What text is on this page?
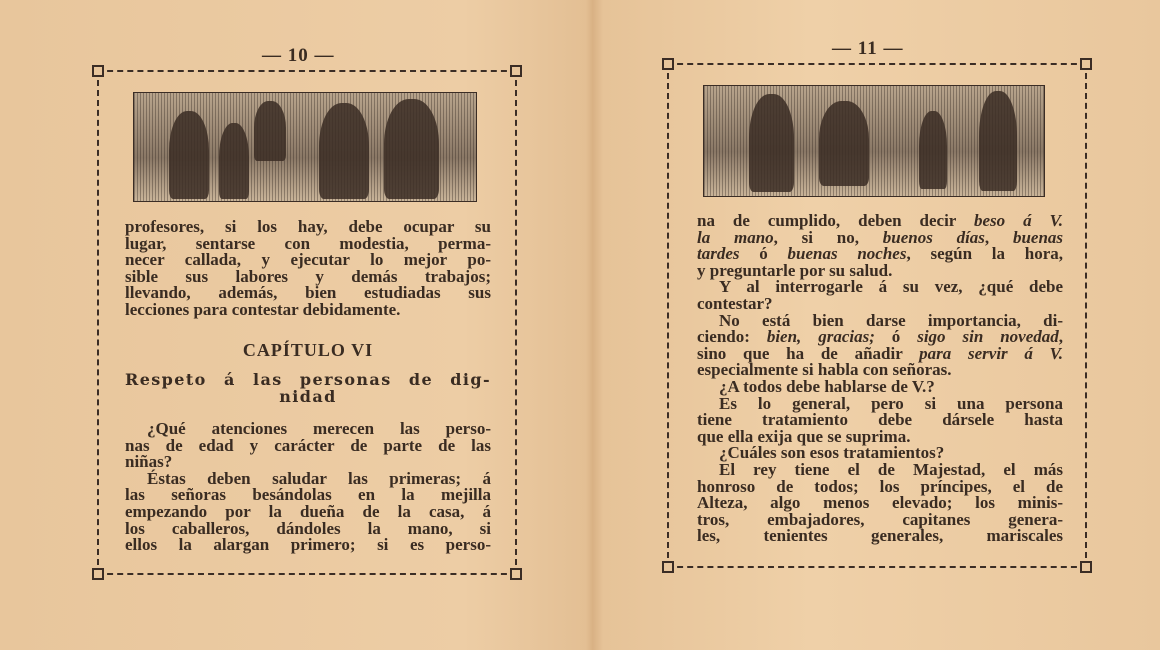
— 10 —
profesores, si los hay, debe ocupar su
lugar, sentarse con modestia, perma-
necer callada, y ejecutar lo mejor po-
sible sus labores y demás trabajos;
llevando, además, bien estudiadas sus
lecciones para contestar debidamente.
CAPÍTULO VI
Respeto á las personas de dig-
nidad
¿Qué atenciones merecen las perso-
nas de edad y carácter de parte de las
niñas?
Éstas deben saludar las primeras; á
las señoras besándolas en la mejilla
empezando por la dueña de la casa, á
los caballeros, dándoles la mano, si
ellos la alargan primero; si es perso-
— 11 —
na de cumplido, deben decir beso á V.
la mano, si no, buenos días, buenas
tardes ó buenas noches, según la hora,
y preguntarle por su salud.
Y al interrogarle á su vez, ¿qué debe
contestar?
No está bien darse importancia, di-
ciendo: bien, gracias; ó sigo sin novedad,
sino que ha de añadir para servir á V.
especialmente si habla con señoras.
¿A todos debe hablarse de V.?
Es lo general, pero si una persona
tiene tratamiento debe dársele hasta
que ella exija que se suprima.
¿Cuáles son esos tratamientos?
El rey tiene el de Majestad, el más
honroso de todos; los príncipes, el de
Alteza, algo menos elevado; los minis-
tros, embajadores, capitanes genera-
les, tenientes generales, mariscales
